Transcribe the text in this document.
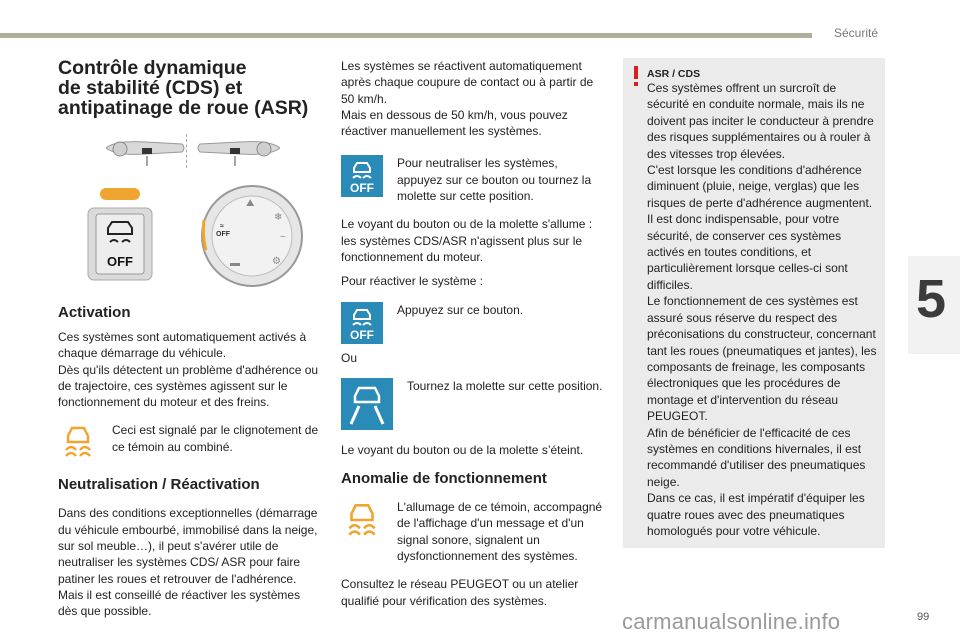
Sécurité
5
Contrôle dynamique
de stabilité (CDS) et
antipatinage de roue (ASR)
OFF
≈
OFF
⛰
❄
~
⚙
▬
Activation

Ces systèmes sont automatiquement activés à chaque démarrage du véhicule.
Dès qu'ils détectent un problème d'adhérence ou de trajectoire, ces systèmes agissent sur le fonctionnement du moteur et des freins.

Ceci est signalé par le clignotement de ce témoin au combiné.

Neutralisation / Réactivation

Dans des conditions exceptionnelles (démarrage du véhicule embourbé, immobilisé dans la neige, sur sol meuble…), il peut s'avérer utile de neutraliser les systèmes CDS/ ASR pour faire patiner les roues et retrouver de l'adhérence.
Mais il est conseillé de réactiver les systèmes dès que possible.

Les systèmes se réactivent automatiquement après chaque coupure de contact ou à partir de 50 km/h.
Mais en dessous de 50 km/h, vous pouvez réactiver manuellement les systèmes.

OFF

Pour neutraliser les systèmes, appuyez sur ce bouton ou tournez la molette sur cette position.

Le voyant du bouton ou de la molette s'allume : les systèmes CDS/ASR n'agissent plus sur le fonctionnement du moteur.

Pour réactiver le système :

OFF

Appuyez sur ce bouton.

Ou

Tournez la molette sur cette position.

Le voyant du bouton ou de la molette s’éteint.

Anomalie de fonctionnement

L'allumage de ce témoin, accompagné de l'affichage d'un message et d'un signal sonore, signalent un dysfonctionnement des systèmes.

Consultez le réseau PEUGEOT ou un atelier qualifié pour vérification des systèmes.

ASR / CDS

Ces systèmes offrent un surcroît de sécurité en conduite normale, mais ils ne doivent pas inciter le conducteur à prendre des risques supplémentaires ou à rouler à des vitesses trop élevées.
C'est lorsque les conditions d'adhérence diminuent (pluie, neige, verglas) que les risques de perte d'adhérence augmentent. Il est donc indispensable, pour votre sécurité, de conserver ces systèmes activés en toutes conditions, et particulièrement lorsque celles-ci sont difficiles.
Le fonctionnement de ces systèmes est assuré sous réserve du respect des préconisations du constructeur, concernant tant les roues (pneumatiques et jantes), les composants de freinage, les composants électroniques que les procédures de montage et d'intervention du réseau PEUGEOT.
Afin de bénéficier de l'efficacité de ces systèmes en conditions hivernales, il est recommandé d'utiliser des pneumatiques neige.
Dans ce cas, il est impératif d'équiper les quatre roues avec des pneumatiques homologués pour votre véhicule.

carmanualsonline.info	99
